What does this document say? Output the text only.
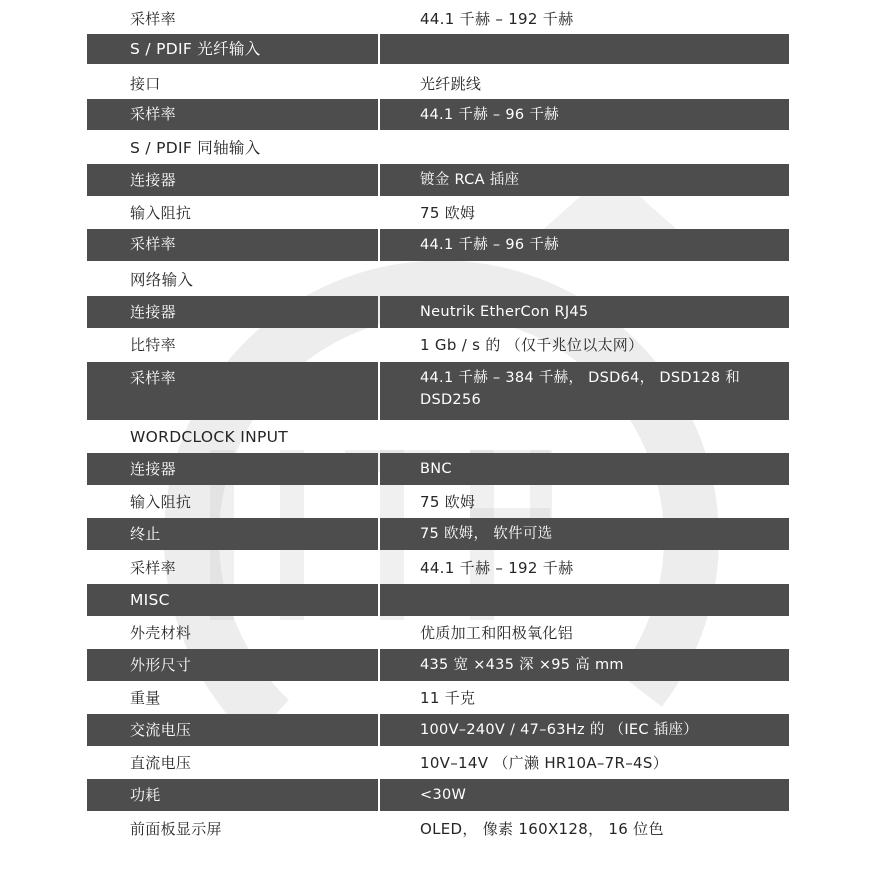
采样率	44.1 千赫 – 192 千赫
S / PDIF 光纤输入
接口	光纤跳线
采样率	44.1 千赫 – 96 千赫
S / PDIF 同轴输入
连接器	镀金 RCA 插座
输入阻抗	75 欧姆
采样率	44.1 千赫 – 96 千赫
网络输入
连接器	Neutrik EtherCon RJ45
比特率	1 Gb / s 的 （仅千兆位以太网）
采样率	44.1 千赫 – 384 千赫， DSD64， DSD128 和 DSD256
WORDCLOCK INPUT
连接器	BNC
输入阻抗	75 欧姆
终止	75 欧姆， 软件可选
采样率	44.1 千赫 – 192 千赫
MISC
外壳材料	优质加工和阳极氧化铝
外形尺寸	435 宽 ×435 深 ×95 高 mm
重量	11 千克
交流电压	100V–240V / 47–63Hz 的 （IEC 插座）
直流电压	10V–14V （广濑 HR10A–7R–4S）
功耗	<30W
前面板显示屏	OLED， 像素 160X128， 16 位色
